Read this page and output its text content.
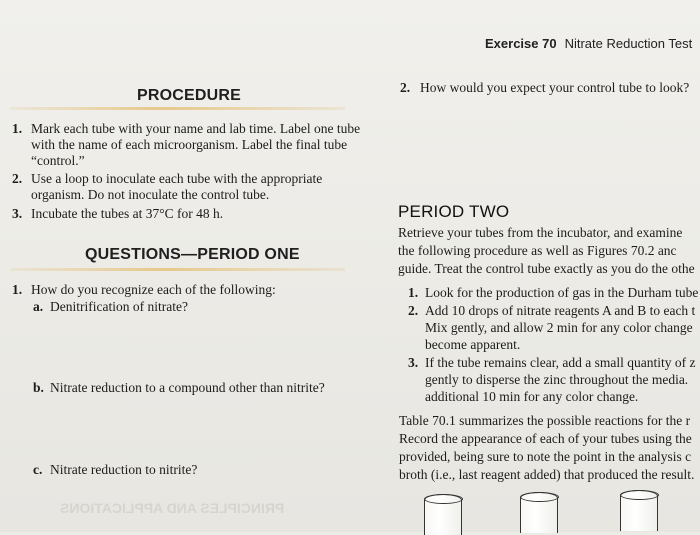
PRINCIPLES AND APPLICATIONS
Exercise 70 Nitrate Reduction Test
PROCEDURE
1. Mark each tube with your name and lab time. Label one tube
with the name of each microorganism. Label the final tube
“control.”
2. Use a loop to inoculate each tube with the appropriate
organism. Do not inoculate the control tube.
3. Incubate the tubes at 37°C for 48 h.
QUESTIONS—PERIOD ONE
1. How do you recognize each of the following:
a. Denitrification of nitrate?
b. Nitrate reduction to a compound other than nitrite?
c. Nitrate reduction to nitrite?
2. How would you expect your control tube to look?
PERIOD TWO
Retrieve your tubes from the incubator, and examine
the following procedure as well as Figures 70.2 anc
guide. Treat the control tube exactly as you do the othe
1. Look for the production of gas in the Durham tube
2. Add 10 drops of nitrate reagents A and B to each t
Mix gently, and allow 2 min for any color change
become apparent.
3. If the tube remains clear, add a small quantity of z
gently to disperse the zinc throughout the media.
additional 10 min for any color change.
Table 70.1 summarizes the possible reactions for the r
Record the appearance of each of your tubes using the
provided, being sure to note the point in the analysis c
broth (i.e., last reagent added) that produced the result.
